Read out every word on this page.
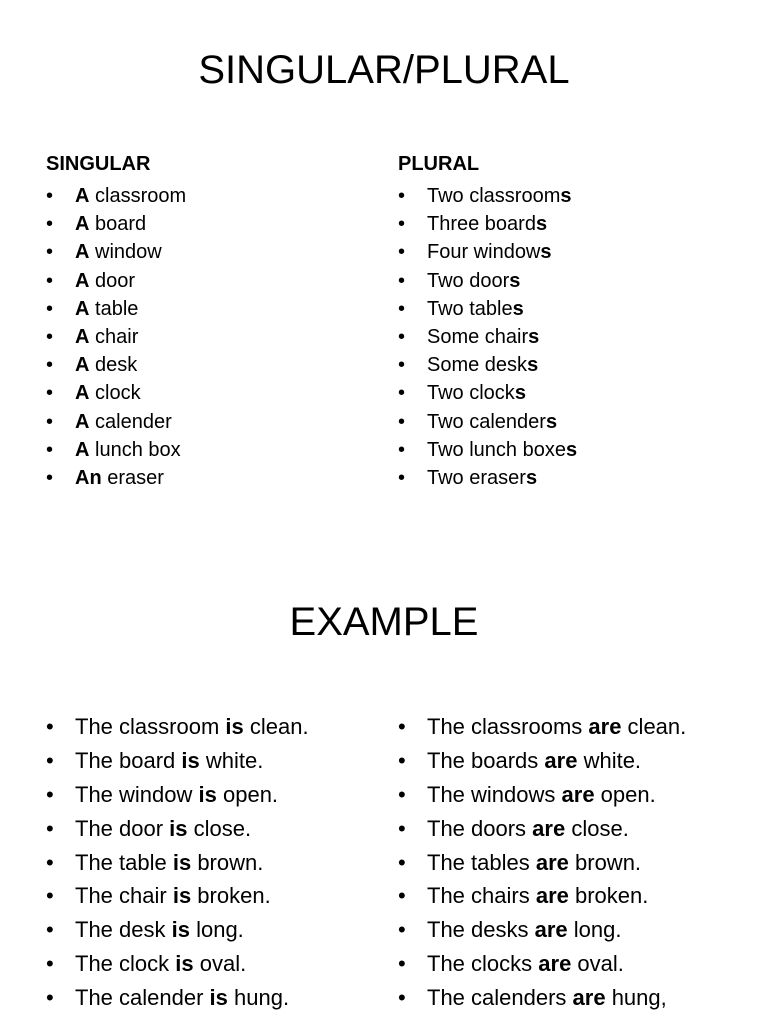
SINGULAR/PLURAL
SINGULAR
• A classroom
• A board
• A window
• A door
• A table
• A chair
• A desk
• A clock
• A calender
• A lunch box
• An eraser
PLURAL
• Two classrooms
• Three boards
• Four windows
• Two doors
• Two tables
• Some chairs
• Some desks
• Two clocks
• Two calenders
• Two lunch boxes
• Two erasers
EXAMPLE
• The classroom is clean.
• The board is white.
• The window is open.
• The door is close.
• The table is brown.
• The chair is broken.
• The desk is long.
• The clock is oval.
• The calender is hung.
• The classrooms are clean.
• The boards are white.
• The windows are open.
• The doors are close.
• The tables are brown.
• The chairs are broken.
• The desks are long.
• The clocks are oval.
• The calenders are hung,
